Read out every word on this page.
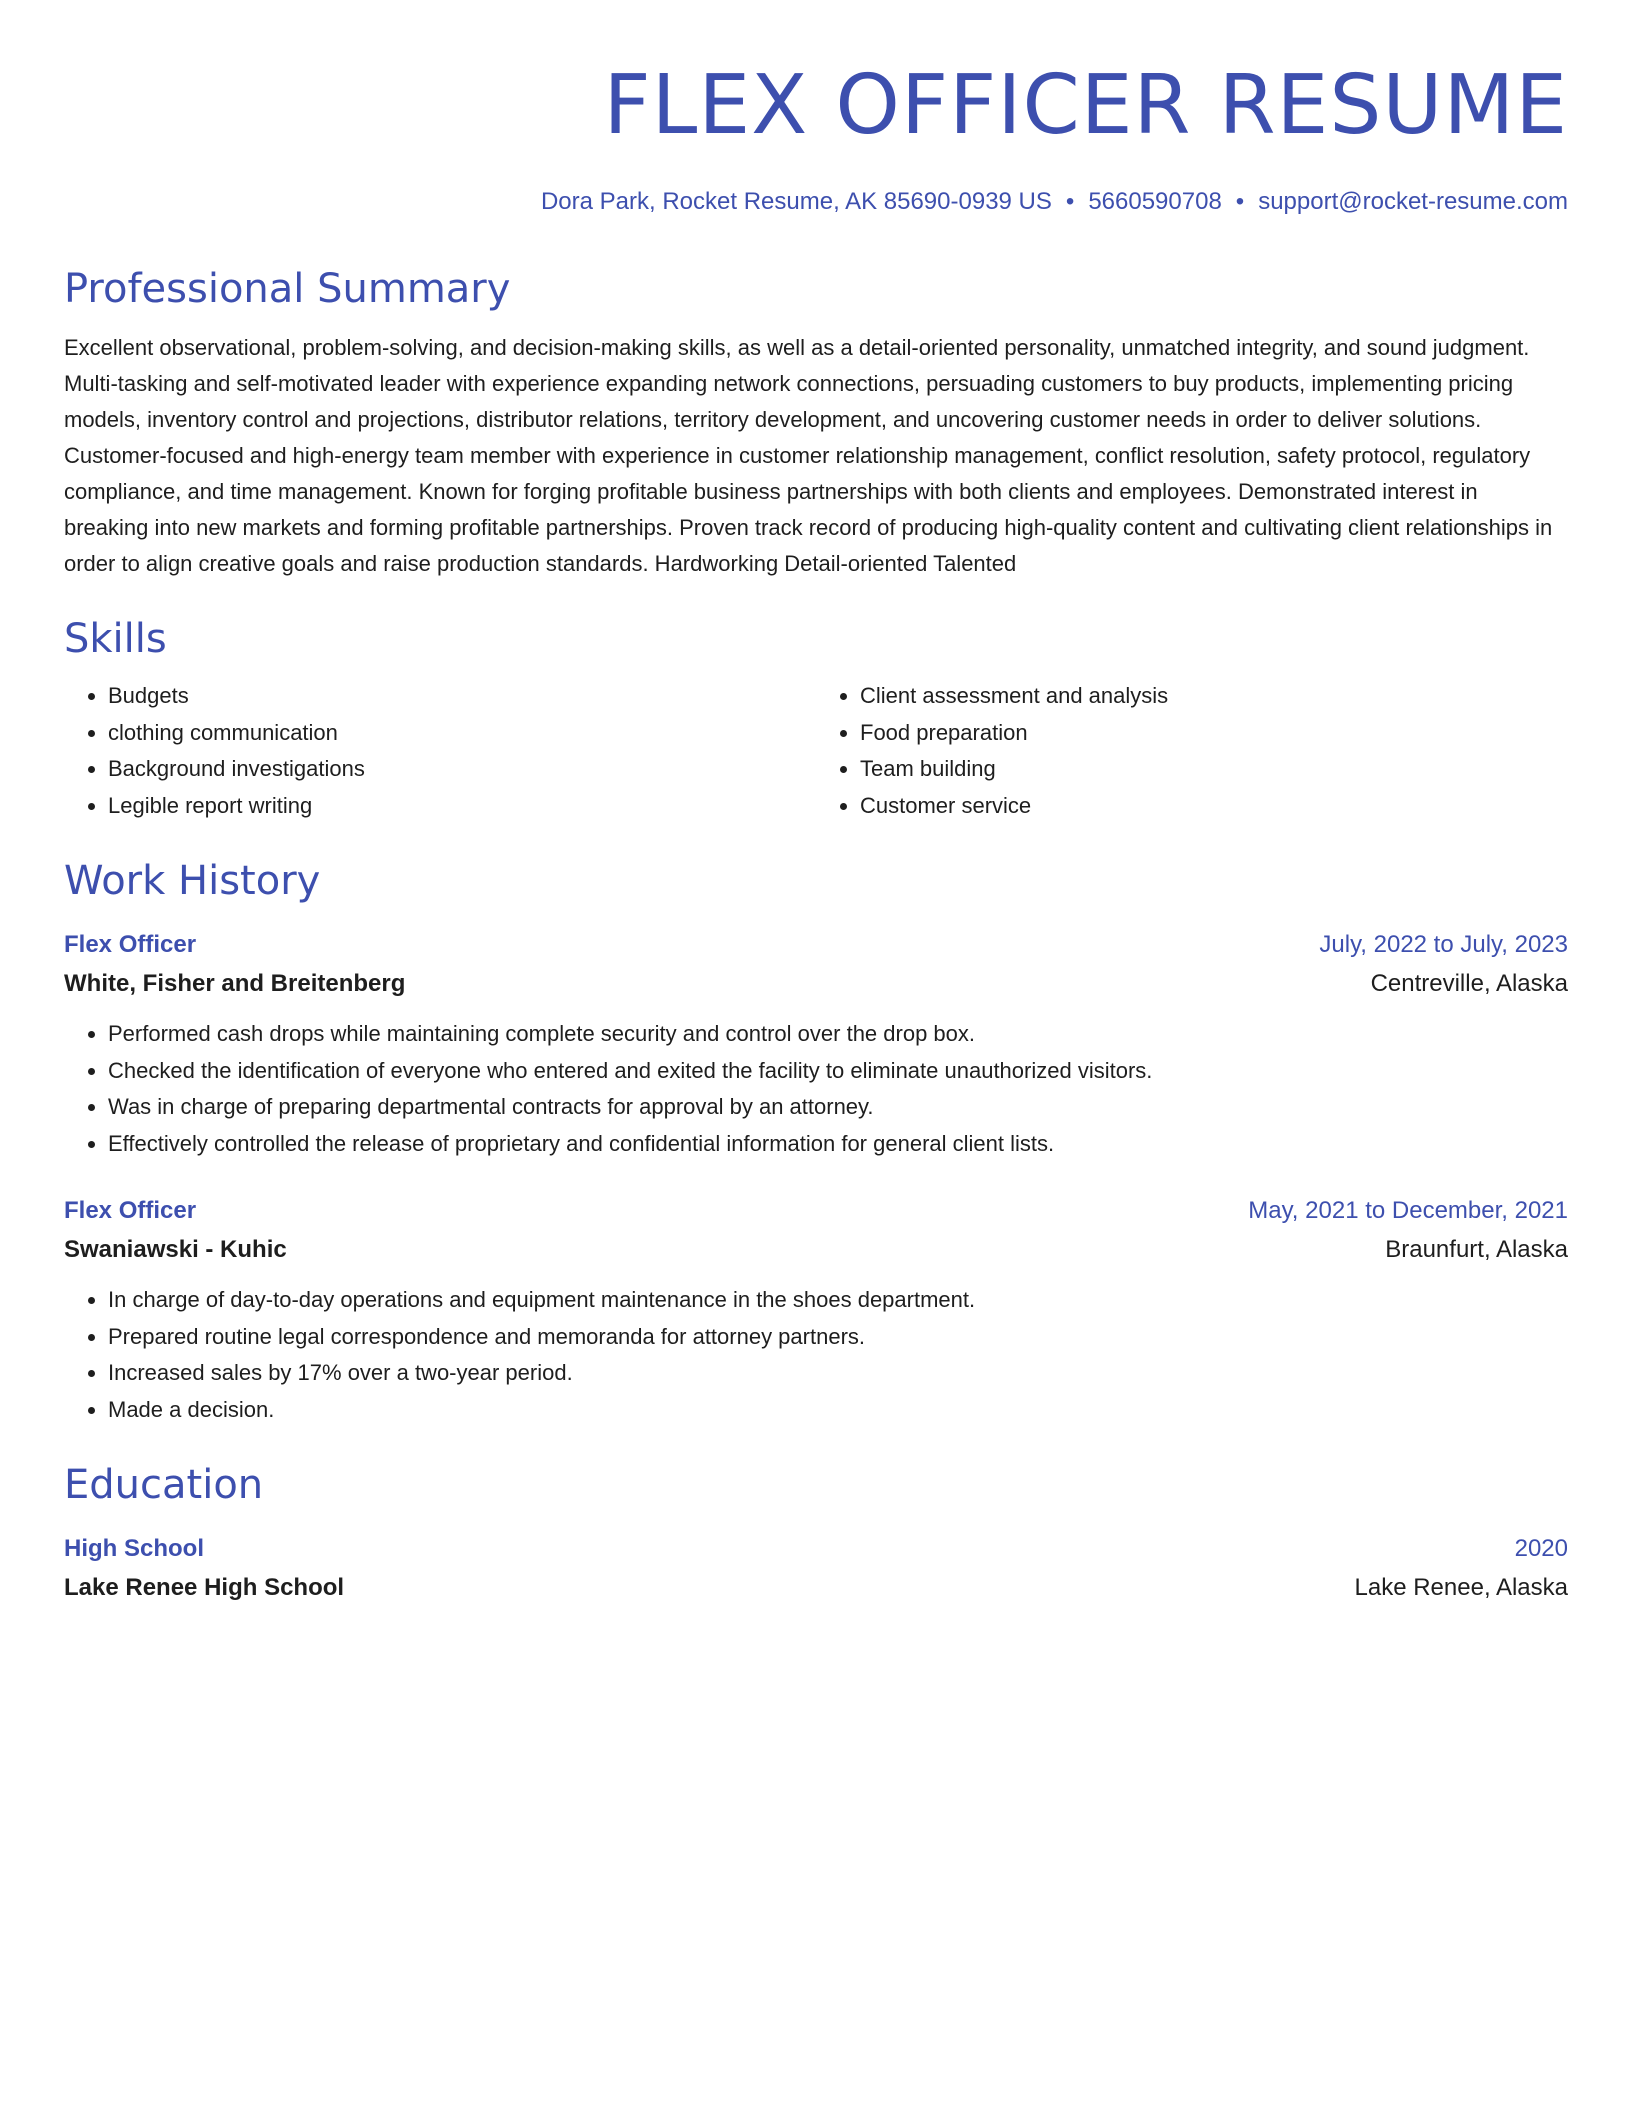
FLEX OFFICER RESUME
Dora Park, Rocket Resume, AK 85690-0939 US • 5660590708 • support@rocket-resume.com
Professional Summary

Excellent observational, problem-solving, and decision-making skills, as well as a detail-oriented personality, unmatched integrity, and sound judgment. Multi-tasking and self-motivated leader with experience expanding network connections, persuading customers to buy products, implementing pricing models, inventory control and projections, distributor relations, territory development, and uncovering customer needs in order to deliver solutions. Customer-focused and high-energy team member with experience in customer relationship management, conflict resolution, safety protocol, regulatory compliance, and time management. Known for forging profitable business partnerships with both clients and employees. Demonstrated interest in breaking into new markets and forming profitable partnerships. Proven track record of producing high-quality content and cultivating client relationships in order to align creative goals and raise production standards. Hardworking Detail-oriented Talented

Skills
• Budgets
• clothing communication
• Background investigations
• Legible report writing
• Client assessment and analysis
• Food preparation
• Team building
• Customer service
Work History
Flex Officer	July, 2022 to July, 2023
White, Fisher and Breitenberg	Centreville, Alaska
• Performed cash drops while maintaining complete security and control over the drop box.
• Checked the identification of everyone who entered and exited the facility to eliminate unauthorized visitors.
• Was in charge of preparing departmental contracts for approval by an attorney.
• Effectively controlled the release of proprietary and confidential information for general client lists.
Flex Officer	May, 2021 to December, 2021
Swaniawski - Kuhic	Braunfurt, Alaska
• In charge of day-to-day operations and equipment maintenance in the shoes department.
• Prepared routine legal correspondence and memoranda for attorney partners.
• Increased sales by 17% over a two-year period.
• Made a decision.
Education
High School	2020
Lake Renee High School	Lake Renee, Alaska
